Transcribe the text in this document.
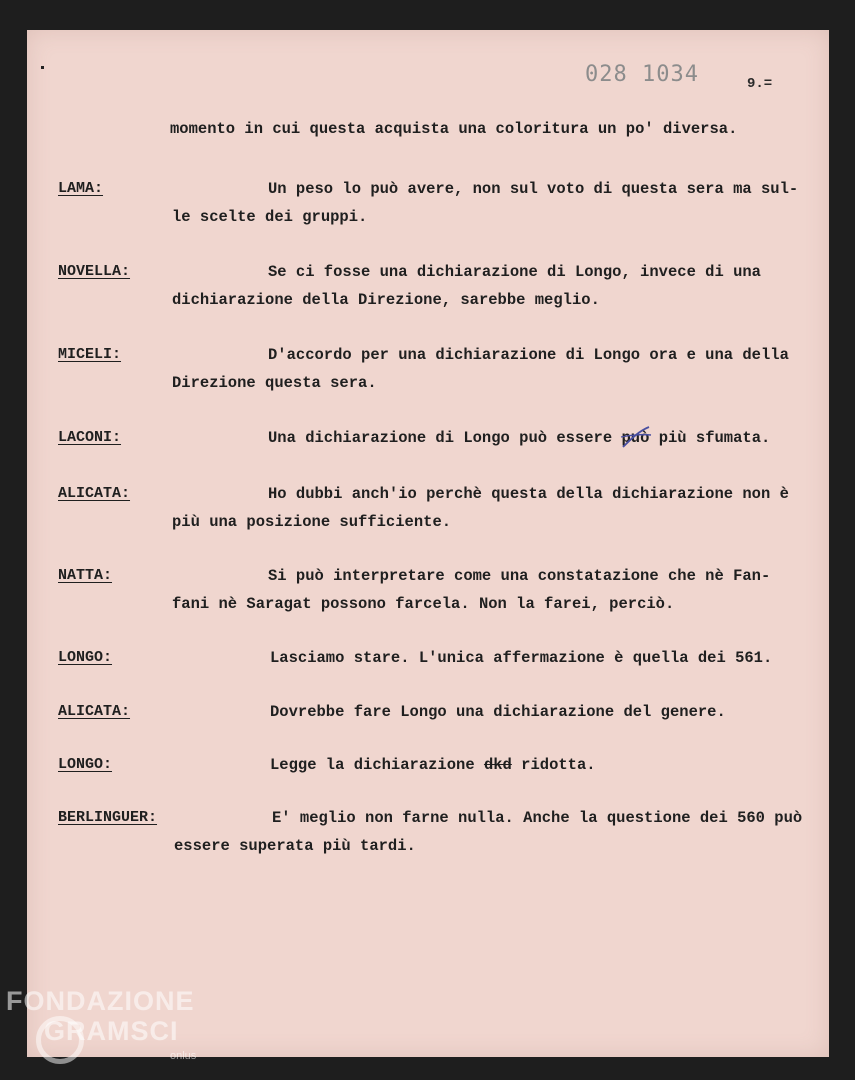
028 1034	9.=
momento in cui questa acquista una coloritura un po' diversa.
LAMA:	Un peso lo può avere, non sul voto di questa sera ma sul-
le scelte dei gruppi.
NOVELLA:	Se ci fosse una dichiarazione di Longo, invece di una
dichiarazione della Direzione, sarebbe meglio.
MICELI:	D'accordo per una dichiarazione di Longo ora e una della
Direzione questa sera.
LACONI:	Una dichiarazione di Longo può essere può più sfumata.
ALICATA:	Ho dubbi anch'io perchè questa della dichiarazione non è
più una posizione sufficiente.
NATTA:	Si può interpretare come una constatazione che nè Fan-
fani nè Saragat possono farcela. Non la farei, perciò.
LONGO:	Lasciamo stare. L'unica affermazione è quella dei 561.
ALICATA:	Dovrebbe fare Longo una dichiarazione del genere.
LONGO:	Legge la dichiarazione dkd ridotta.
BERLINGUER:	E' meglio non farne nulla. Anche la questione dei 560 può
essere superata più tardi.
FONDAZIONE
GRAMSCI
onlus
